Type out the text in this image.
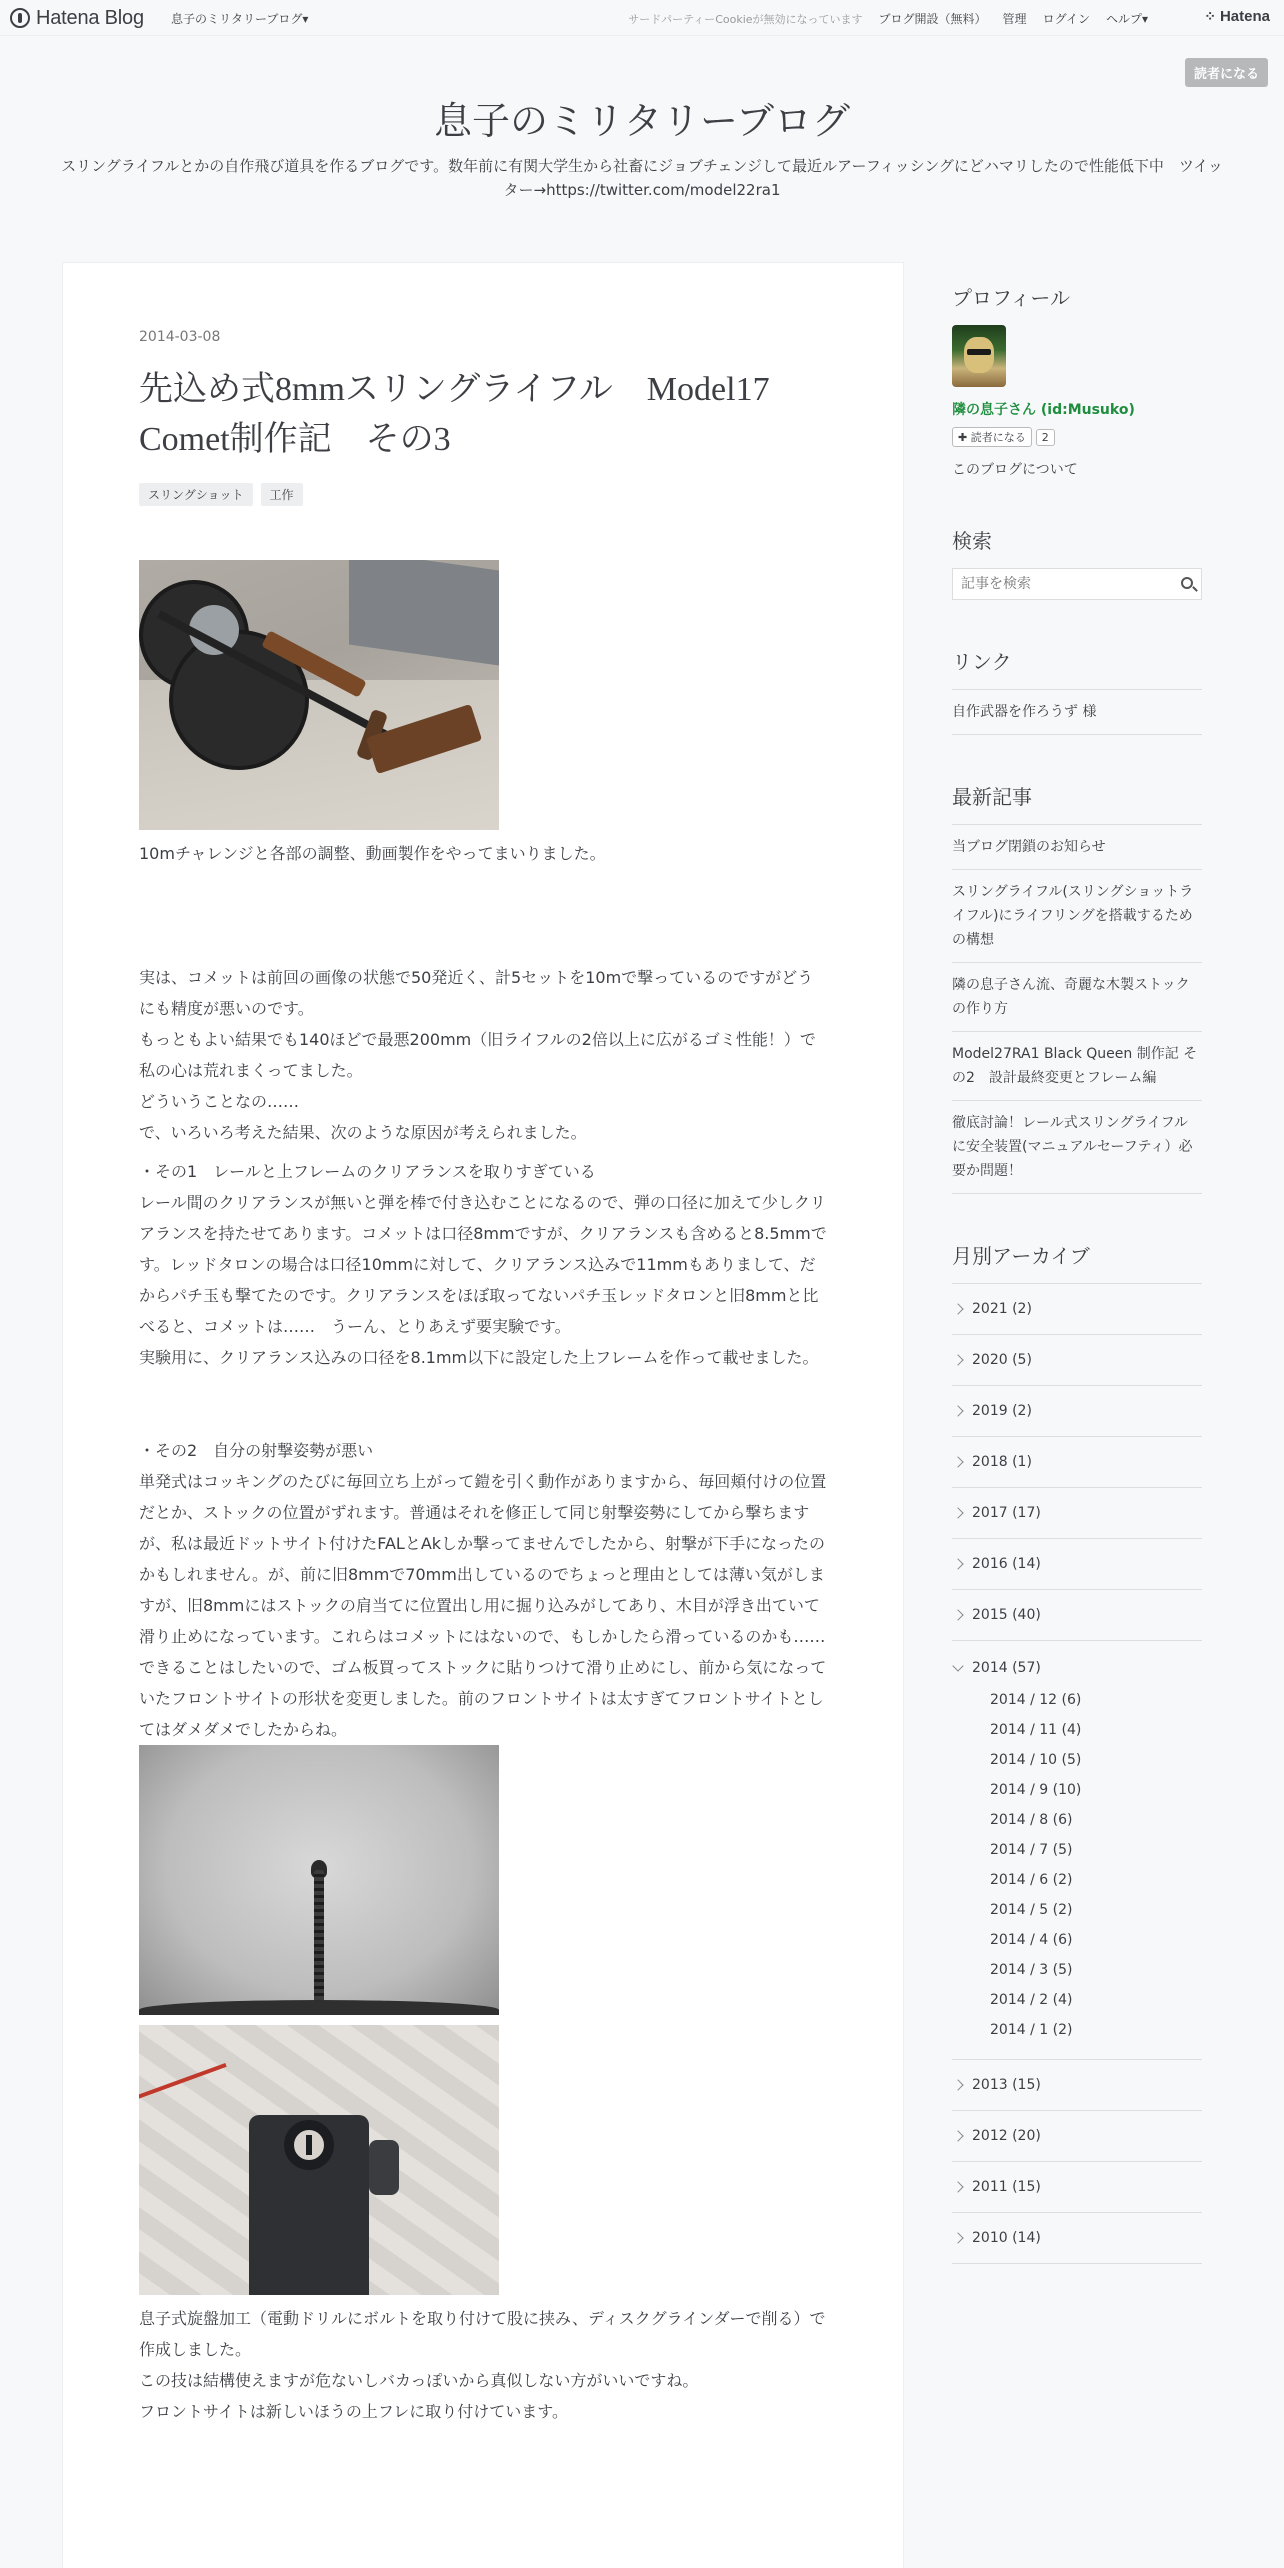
Hatena Blog 息子のミリタリーブログ▾	サードパーティーCookieが無効になっています ブログ開設（無料） 管理 ログイン ヘルプ▾	⁘ Hatena
読者になる
息子のミリタリーブログ
スリングライフルとかの自作飛び道具を作るブログです。数年前に有関大学生から社畜にジョブチェンジして最近ルアーフィッシングにどハマリしたので性能低下中　ツイッター→https://twitter.com/model22ra1
2014-03-08
先込め式8mmスリングライフル　Model17
Comet制作記　その3
スリングショット	工作

10mチャレンジと各部の調整、動画製作をやってまいりました。

実は、コメットは前回の画像の状態で50発近く、計5セットを10mで撃っているのですがどうにも精度が悪いのです。

もっともよい結果でも140ほどで最悪200mm（旧ライフルの2倍以上に広がるゴミ性能！）で私の心は荒れまくってました。

どういうことなの……

で、いろいろ考えた結果、次のような原因が考えられました。

・その1　レールと上フレームのクリアランスを取りすぎている

レール間のクリアランスが無いと弾を棒で付き込むことになるので、弾の口径に加えて少しクリアランスを持たせてあります。コメットは口径8mmですが、クリアランスも含めると8.5mmです。レッドタロンの場合は口径10mmに対して、クリアランス込みで11mmもありまして、だからパチ玉も撃てたのです。クリアランスをほぼ取ってないパチ玉レッドタロンと旧8mmと比べると、コメットは……　うーん、とりあえず要実験です。

実験用に、クリアランス込みの口径を8.1mm以下に設定した上フレームを作って載せました。

・その2　自分の射撃姿勢が悪い

単発式はコッキングのたびに毎回立ち上がって鎧を引く動作がありますから、毎回頬付けの位置だとか、ストックの位置がずれます。普通はそれを修正して同じ射撃姿勢にしてから撃ちますが、私は最近ドットサイト付けたFALとAkしか撃ってませんでしたから、射撃が下手になったのかもしれません。が、前に旧8mmで70mm出しているのでちょっと理由としては薄い気がしますが、旧8mmにはストックの肩当てに位置出し用に掘り込みがしてあり、木目が浮き出ていて滑り止めになっています。これらはコメットにはないので、もしかしたら滑っているのかも……

できることはしたいので、ゴム板買ってストックに貼りつけて滑り止めにし、前から気になっていたフロントサイトの形状を変更しました。前のフロントサイトは太すぎてフロントサイトとしてはダメダメでしたからね。

息子式旋盤加工（電動ドリルにボルトを取り付けて股に挟み、ディスクグラインダーで削る）で作成しました。

この技は結構使えますが危ないしバカっぽいから真似しない方がいいですね。

フロントサイトは新しいほうの上フレに取り付けています。

プロフィール
隣の息子さん (id:Musuko)
✚ 読者になる	2
このブログについて
検索
記事を検索
リンク
自作武器を作ろうず 様
最新記事
当ブログ閉鎖のお知らせ
スリングライフル(スリングショットライフル)にライフリングを搭載するための構想
隣の息子さん流、奇麗な木製ストックの作り方
Model27RA1 Black Queen 制作記 その2　設計最終変更とフレーム編
徹底討論！レール式スリングライフルに安全装置(マニュアルセーフティ）必要か問題！
月別アーカイブ
2021 (2)
2020 (5)
2019 (2)
2018 (1)
2017 (17)
2016 (14)
2015 (40)
2014 (57)
2014 / 12 (6)
2014 / 11 (4)
2014 / 10 (5)
2014 / 9 (10)
2014 / 8 (6)
2014 / 7 (5)
2014 / 6 (2)
2014 / 5 (2)
2014 / 4 (6)
2014 / 3 (5)
2014 / 2 (4)
2014 / 1 (2)
2013 (15)
2012 (20)
2011 (15)
2010 (14)
